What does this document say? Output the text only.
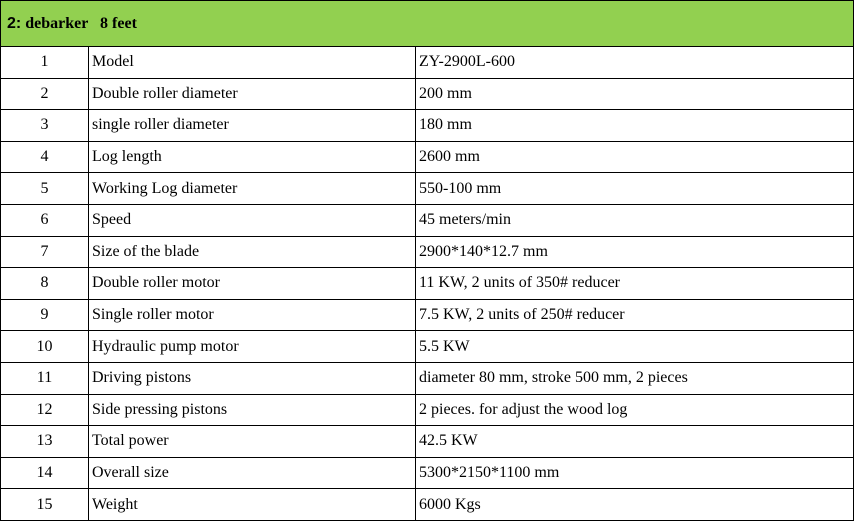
2: debarker   8 feet		
1	Model	ZY-2900L-600
2	Double roller diameter	200 mm
3	single roller diameter	180 mm
4	Log length	2600 mm
5	Working Log diameter	550-100 mm
6	Speed	45 meters/min
7	Size of the blade	2900*140*12.7 mm
8	Double roller motor	11 KW, 2 units of 350# reducer
9	Single roller motor	7.5 KW, 2 units of 250# reducer
10	Hydraulic pump motor	5.5 KW
11	Driving pistons	diameter 80 mm, stroke 500 mm, 2 pieces
12	Side pressing pistons	2 pieces. for adjust the wood log
13	Total power	42.5 KW
14	Overall size	5300*2150*1100 mm
15	Weight	6000 Kgs
